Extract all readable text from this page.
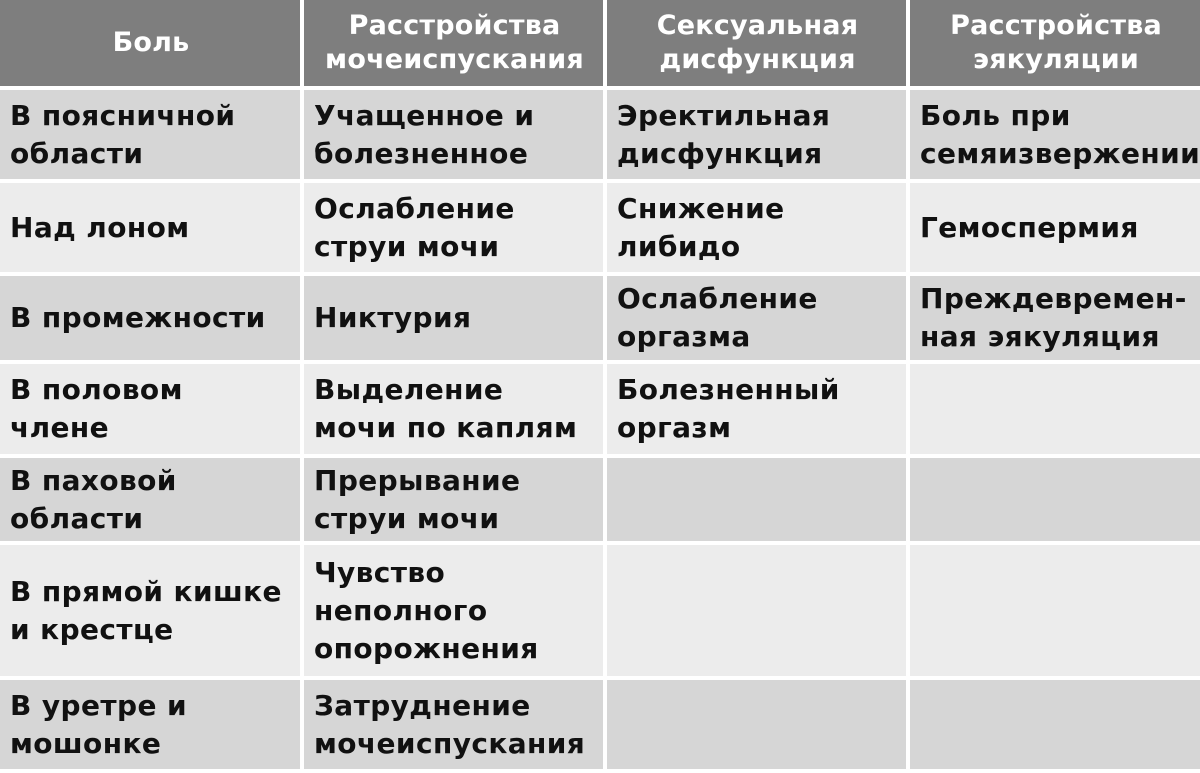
Боль	Расстройства мочеиспускания	Сексуальная дисфункция	Расстройства эякуляции
В поясничной области	Учащенное и болезненное	Эректильная дисфункция	Боль при семяизвержении
Над лоном	Ослабление струи мочи	Снижение либидо	Гемоспермия
В промежности	Никтурия	Ослабление оргазма	Преждевремен-ная эякуляция
В половом члене	Выделение мочи по каплям	Болезненный оргазм	
В паховой области	Прерывание струи мочи		
В прямой кишке и крестце	Чувство неполного опорожнения		
В уретре и мошонке	Затруднение мочеиспускания		
